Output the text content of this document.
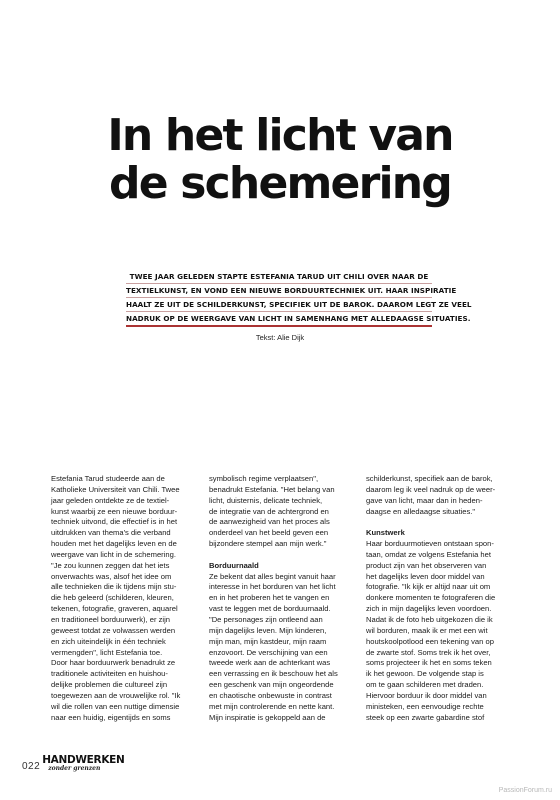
In het licht van
de schemering
TWEE JAAR GELEDEN STAPTE ESTEFANIA TARUD UIT CHILI OVER NAAR DE
TEXTIELKUNST, EN VOND EEN NIEUWE BORDUURTECHNIEK UIT. HAAR INSPIRATIE
HAALT ZE UIT DE SCHILDERKUNST, SPECIFIEK UIT DE BAROK. DAAROM LEGT ZE VEEL
NADRUK OP DE WEERGAVE VAN LICHT IN SAMENHANG MET ALLEDAAGSE SITUATIES.

Tekst: Alie Dijk

Estefania Tarud studeerde aan de

Katholieke Universiteit van Chili. Twee

jaar geleden ontdekte ze de textiel-

kunst waarbij ze een nieuwe borduur-

techniek uitvond, die effectief is in het

uitdrukken van thema's die verband

houden met het dagelijks leven en de

weergave van licht in de schemering.

"Je zou kunnen zeggen dat het iets

onverwachts was, alsof het idee om

alle technieken die ik tijdens mijn stu-

die heb geleerd (schilderen, kleuren,

tekenen, fotografie, graveren, aquarel

en traditioneel borduurwerk), er zijn

geweest totdat ze volwassen werden

en zich uiteindelijk in één techniek

vermengden", licht Estefania toe.

Door haar borduurwerk benadrukt ze

traditionele activiteiten en huishou-

delijke problemen die cultureel zijn

toegewezen aan de vrouwelijke rol. "Ik

wil die rollen van een nuttige dimensie

naar een huidig, eigentijds en soms

symbolisch regime verplaatsen",

benadrukt Estefania. "Het belang van

licht, duisternis, delicate techniek,

de integratie van de achtergrond en

de aanwezigheid van het proces als

onderdeel van het beeld geven een

bijzondere stempel aan mijn werk."

Borduurnaald

Ze bekent dat alles begint vanuit haar

interesse in het borduren van het licht

en in het proberen het te vangen en

vast te leggen met de borduurnaald.

"De personages zijn ontleend aan

mijn dagelijks leven. Mijn kinderen,

mijn man, mijn kastdeur, mijn raam

enzovoort. De verschijning van een

tweede werk aan de achterkant was

een verrassing en ik beschouw het als

een geschenk van mijn ongeordende

en chaotische onbewuste in contrast

met mijn controlerende en nette kant.

Mijn inspiratie is gekoppeld aan de

schilderkunst, specifiek aan de barok,

daarom leg ik veel nadruk op de weer-

gave van licht, maar dan in heden-

daagse en alledaagse situaties."

Kunstwerk

Haar borduurmotieven ontstaan spon-

taan, omdat ze volgens Estefania het

product zijn van het observeren van

het dagelijks leven door middel van

fotografie. "Ik kijk er altijd naar uit om

donkere momenten te fotograferen die

zich in mijn dagelijks leven voordoen.

Nadat ik de foto heb uitgekozen die ik

wil borduren, maak ik er met een wit

houtskoolpotlood een tekening van op

de zwarte stof. Soms trek ik het over,

soms projecteer ik het en soms teken

ik het gewoon. De volgende stap is

om te gaan schilderen met draden.

Hiervoor borduur ik door middel van

ministeken, een eenvoudige rechte

steek op een zwarte gabardine stof

022
HANDWERKEN
zonder grenzen
PassionForum.ru
